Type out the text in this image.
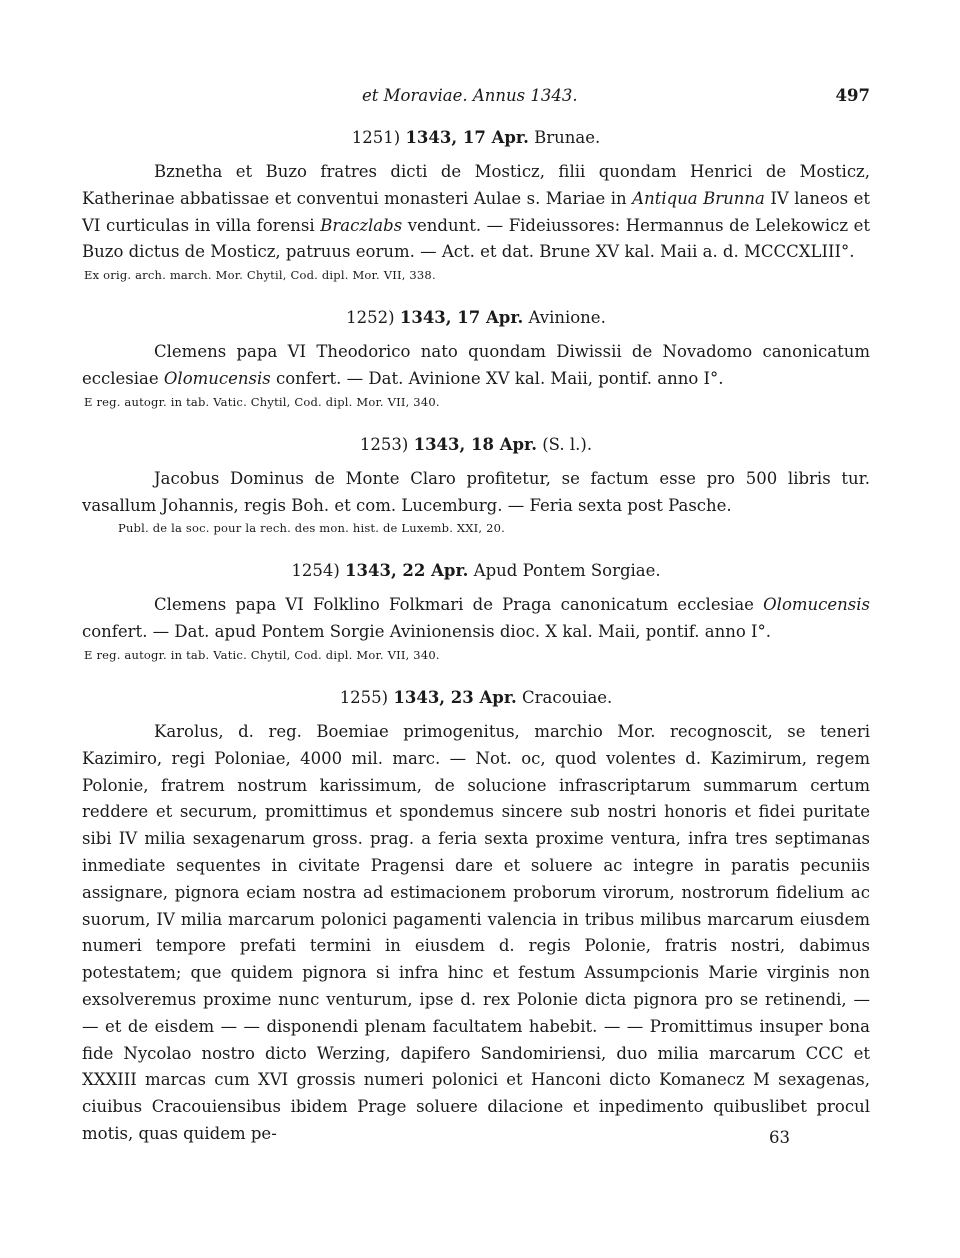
et Moraviae. Annus 1343.	497
1251) 1343, 17 Apr. Brunae.

Bznetha et Buzo fratres dicti de Mosticz, filii quondam Henrici de Mosticz, Katherinae abbatissae et conventui monasteri Aulae s. Mariae in Antiqua Brunna IV laneos et VI curticulas in villa forensi Braczlabs vendunt. — Fideiussores: Hermannus de Lelekowicz et Buzo dictus de Mosticz, patruus eorum. — Act. et dat. Brune XV kal. Maii a. d. MCCCXLIII°.

Ex orig. arch. march. Mor. Chytil, Cod. dipl. Mor. VII, 338.
1252) 1343, 17 Apr. Avinione.

Clemens papa VI Theodorico nato quondam Diwissii de Novadomo canonicatum ecclesiae Olomucensis confert. — Dat. Avinione XV kal. Maii, pontif. anno I°.

E reg. autogr. in tab. Vatic. Chytil, Cod. dipl. Mor. VII, 340.
1253) 1343, 18 Apr. (S. l.).

Jacobus Dominus de Monte Claro profitetur, se factum esse pro 500 libris tur. vasallum Johannis, regis Boh. et com. Lucemburg. — Feria sexta post Pasche.

Publ. de la soc. pour la rech. des mon. hist. de Luxemb. XXI, 20.
1254) 1343, 22 Apr. Apud Pontem Sorgiae.

Clemens papa VI Folklino Folkmari de Praga canonicatum ecclesiae Olomucensis confert. — Dat. apud Pontem Sorgie Avinionensis dioc. X kal. Maii, pontif. anno I°.

E reg. autogr. in tab. Vatic. Chytil, Cod. dipl. Mor. VII, 340.
1255) 1343, 23 Apr. Cracouiae.

Karolus, d. reg. Boemiae primogenitus, marchio Mor. recognoscit, se teneri Kazimiro, regi Poloniae, 4000 mil. marc. — Not. oc, quod volentes d. Kazimirum, regem Polonie, fratrem nostrum karissimum, de solucione infrascriptarum summarum certum reddere et securum, promittimus et spondemus sincere sub nostri honoris et fidei puritate sibi IV milia sexagenarum gross. prag. a feria sexta proxime ventura, infra tres septimanas inmediate sequentes in civitate Pragensi dare et soluere ac integre in paratis pecuniis assignare, pignora eciam nostra ad estimacionem proborum virorum, nostrorum fidelium ac suorum, IV milia marcarum polonici pagamenti valencia in tribus milibus marcarum eiusdem numeri tempore prefati termini in eiusdem d. regis Polonie, fratris nostri, dabimus potestatem; que quidem pignora si infra hinc et festum Assumpcionis Marie virginis non exsolveremus proxime nunc venturum, ipse d. rex Polonie dicta pignora pro se retinendi, — — et de eisdem — — disponendi plenam facultatem habebit. — — Promittimus insuper bona fide Nycolao nostro dicto Werzing, dapifero Sandomiriensi, duo milia marcarum CCC et XXXIII marcas cum XVI grossis numeri polonici et Hanconi dicto Komanecz M sexagenas, ciuibus Cracouiensibus ibidem Prage soluere dilacione et inpedimento quibuslibet procul motis, quas quidem pe-	63
